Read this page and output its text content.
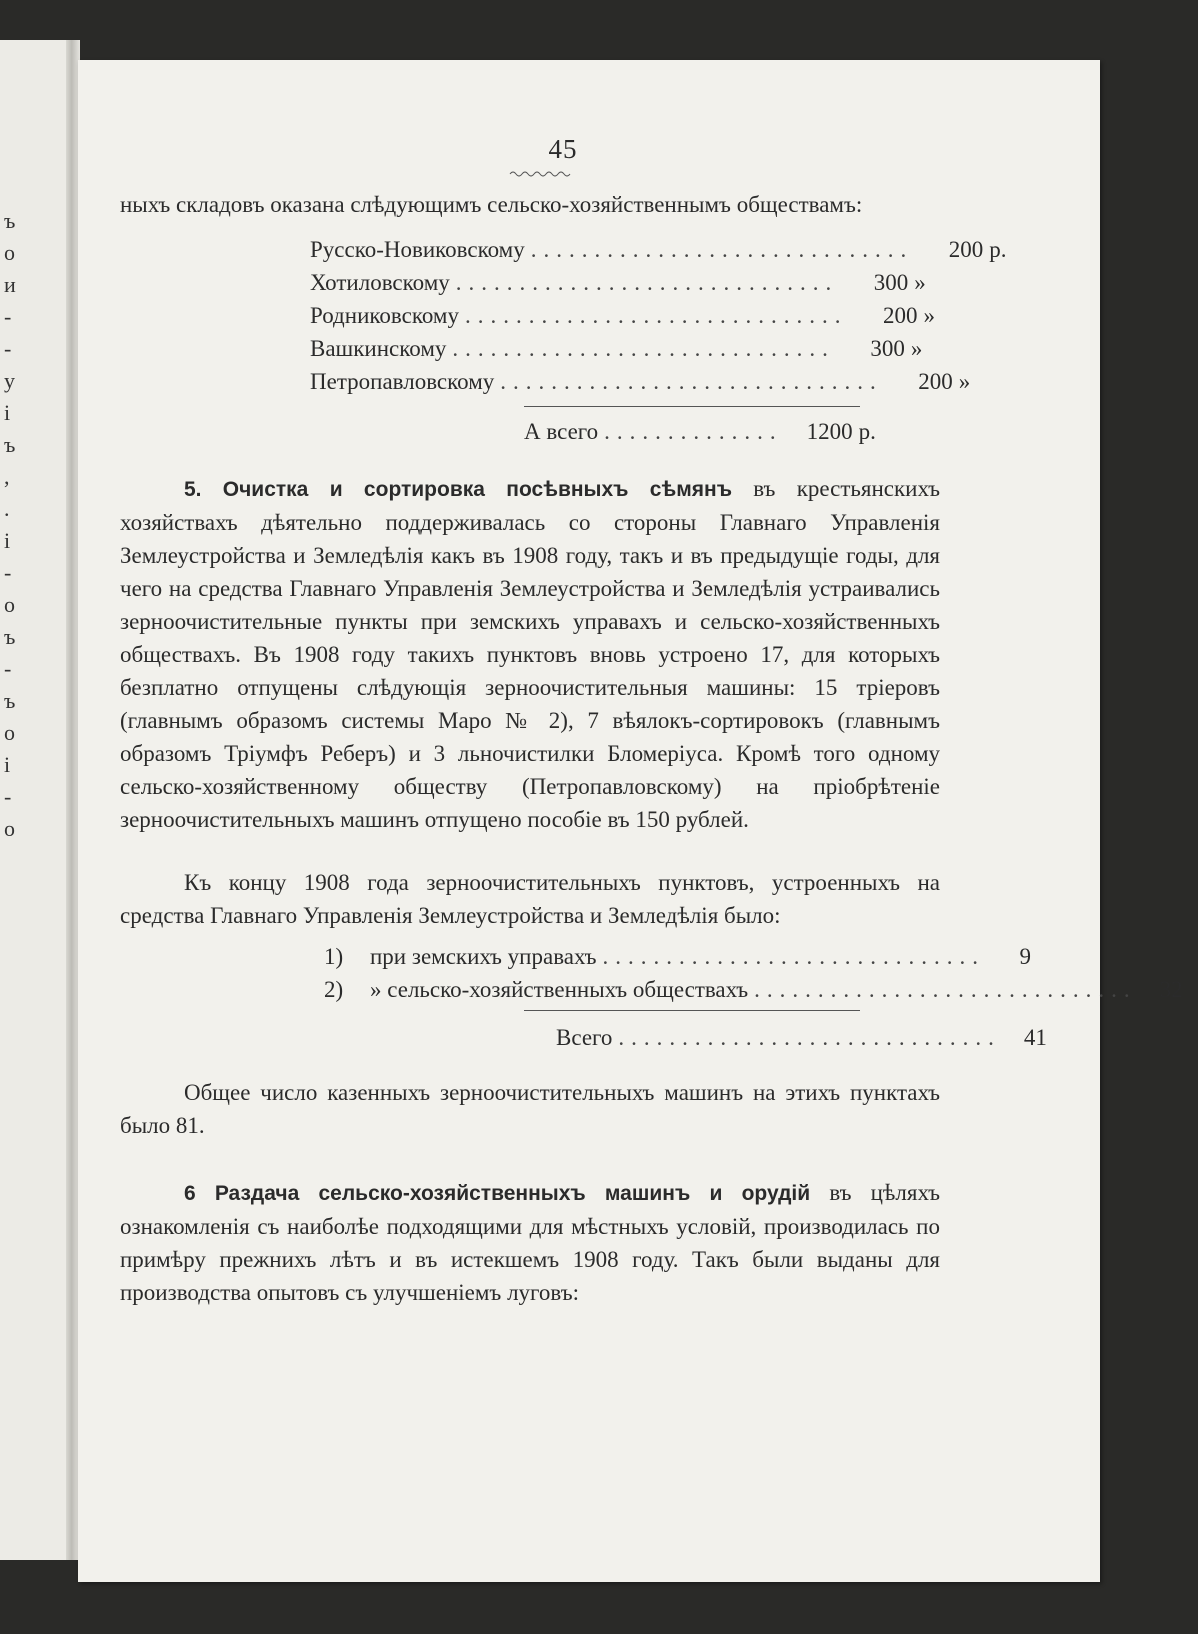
ъ
о
и
-
-
у
і
ъ
,
.
і
-
о
ъ
-
ъ
о
і
-
о
45

ныхъ складовъ оказана слѣдующимъ сельско-хозяйственнымъ обществамъ:

Русско-Новиковскому ..............................	200 р.
Хотиловскому ..............................	300 »
Родниковскому ..............................	200 »
Вашкинскому ..............................	300 »
Петропавловскому ..............................	200 »
А всего ..............	1200 р.

5. Очистка и сортировка посѣвныхъ сѣмянъ въ крестьянскихъ хозяйствахъ дѣятельно поддерживалась со стороны Главнаго Управленія Землеустройства и Земледѣлія какъ въ 1908 году, такъ и въ предыдущіе годы, для чего на средства Главнаго Управленія Землеустройства и Земледѣлія устраивались зерноочистительные пункты при земскихъ управахъ и сельско-хозяйственныхъ обществахъ. Въ 1908 году такихъ пунктовъ вновь устроено 17, для которыхъ безплатно отпущены слѣдующія зерноочистительныя машины: 15 тріеровъ (главнымъ образомъ системы Маро № 2), 7 вѣялокъ-сортировокъ (главнымъ образомъ Тріумфъ Реберъ) и 3 льночистилки Бломеріуса. Кромѣ того одному сельско-хозяйственному обществу (Петропавловскому) на пріобрѣтеніе зерноочистительныхъ машинъ отпущено пособіе въ 150 рублей.

Къ концу 1908 года зерноочистительныхъ пунктовъ, устроенныхъ на средства Главнаго Управленія Землеустройства и Земледѣлія было:

1)	при земскихъ управахъ ..............................	9
2)	» сельско-хозяйственныхъ обществахъ ..............................	32
Всего ..............................	41

Общее число казенныхъ зерноочистительныхъ машинъ на этихъ пунктахъ было 81.

6 Раздача сельско-хозяйственныхъ машинъ и орудій въ цѣляхъ ознакомленія съ наиболѣе подходящими для мѣстныхъ условій, производилась по примѣру прежнихъ лѣтъ и въ истекшемъ 1908 году. Такъ были выданы для производства опытовъ съ улучшеніемъ луговъ:
